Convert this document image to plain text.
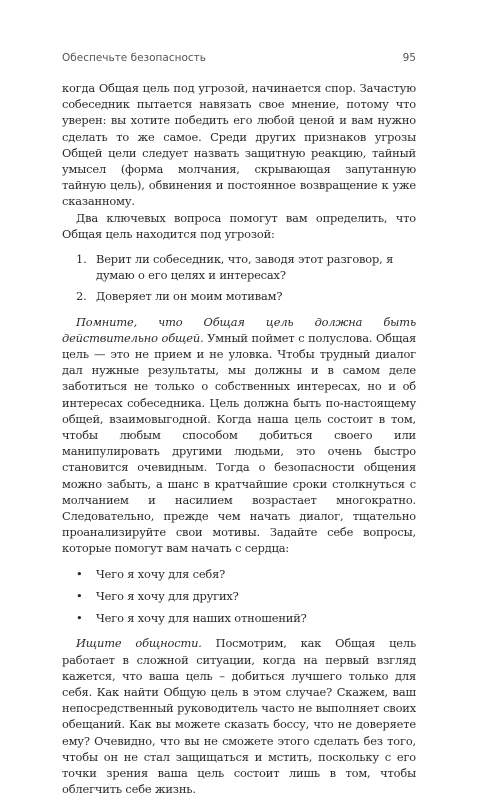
Обеспечьте безопасность	95

когда Общая цель под угрозой, начинается спор. Зачастую собеседник пытается навязать свое мнение, потому что уверен: вы хотите победить его любой ценой и вам нужно сделать то же самое. Среди других признаков угрозы Общей цели следует назвать защитную реакцию, тайный умысел (форма молчания, скрывающая запутанную тайную цель), обвинения и постоянное возвращение к уже сказанному.

Два ключевых вопроса помогут вам определить, что Общая цель находится под угрозой:

1. Верит ли собеседник, что, заводя этот разговор, я думаю о его целях и интересах?
2. Доверяет ли он моим мотивам?

Помните, что Общая цель должна быть действительно общей. Умный поймет с полуслова. Общая цель — это не прием и не уловка. Чтобы трудный диалог дал нужные результаты, мы должны и в самом деле заботиться не только о собственных интересах, но и об интересах собеседника. Цель должна быть по-настоящему общей, взаимовыгодной. Когда наша цель состоит в том, чтобы любым способом добиться своего или манипулировать другими людьми, это очень быстро становится очевидным. Тогда о безопасности общения можно забыть, а шанс в кратчайшие сроки столкнуться с молчанием и насилием возрастает многократно. Следовательно, прежде чем начать диалог, тщательно проанализируйте свои мотивы. Задайте себе вопросы, которые помогут вам начать с сердца:

• Чего я хочу для себя?
• Чего я хочу для других?
• Чего я хочу для наших отношений?

Ищите общности. Посмотрим, как Общая цель работает в сложной ситуации, когда на первый взгляд кажется, что ваша цель – добиться лучшего только для себя. Как найти Общую цель в этом случае? Скажем, ваш непосредственный руководитель часто не выполняет своих обещаний. Как вы можете сказать боссу, что не доверяете ему? Очевидно, что вы не сможете этого сделать без того, чтобы он не стал защищаться и мстить, поскольку с его точки зрения ваша цель состоит лишь в том, чтобы облегчить себе жизнь.
